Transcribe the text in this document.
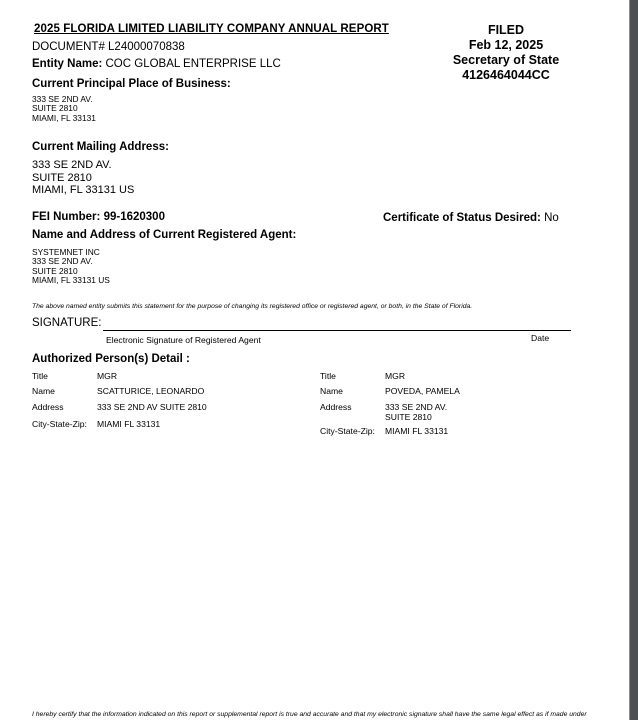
2025 FLORIDA LIMITED LIABILITY COMPANY ANNUAL REPORT
DOCUMENT# L24000070838
Entity Name: COC GLOBAL ENTERPRISE LLC
FILED
Feb 12, 2025
Secretary of State
4126464044CC
Current Principal Place of Business:
333 SE 2ND AV.
SUITE 2810
MIAMI, FL 33131
Current Mailing Address:
333 SE 2ND AV.
SUITE 2810
MIAMI, FL 33131 US
FEI Number: 99-1620300	Certificate of Status Desired: No
Name and Address of Current Registered Agent:
SYSTEMNET INC
333 SE 2ND AV.
SUITE 2810
MIAMI, FL 33131 US
The above named entity submits this statement for the purpose of changing its registered office or registered agent, or both, in the State of Florida.
SIGNATURE:
Electronic Signature of Registered Agent	Date
Authorized Person(s) Detail :
Title	MGR
Name	SCATTURICE, LEONARDO
Address	333 SE 2ND AV SUITE 2810
City-State-Zip: MIAMI FL 33131
Title	MGR
Name	POVEDA, PAMELA
Address	333 SE 2ND AV.
SUITE 2810
City-State-Zip: MIAMI FL 33131
I hereby certify that the information indicated on this report or supplemental report is true and accurate and that my electronic signature shall have the same legal effect as if made under
